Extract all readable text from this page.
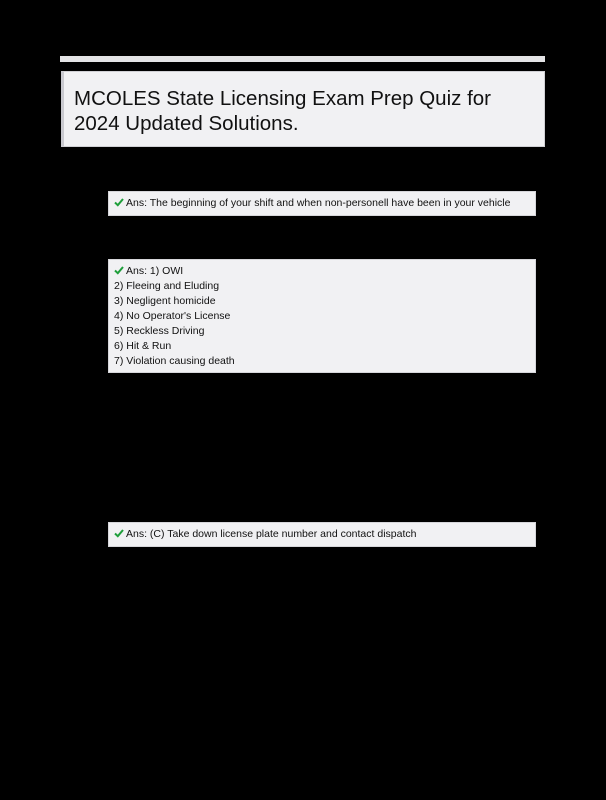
MCOLES State Licensing Exam Prep Quiz for 2024 Updated Solutions.
Ans: The beginning of your shift and when non-personell have been in your vehicle
Ans: 1) OWI
2) Fleeing and Eluding
3) Negligent homicide
4) No Operator's License
5) Reckless Driving
6) Hit & Run
7) Violation causing death
Ans: (C) Take down license plate number and contact dispatch
